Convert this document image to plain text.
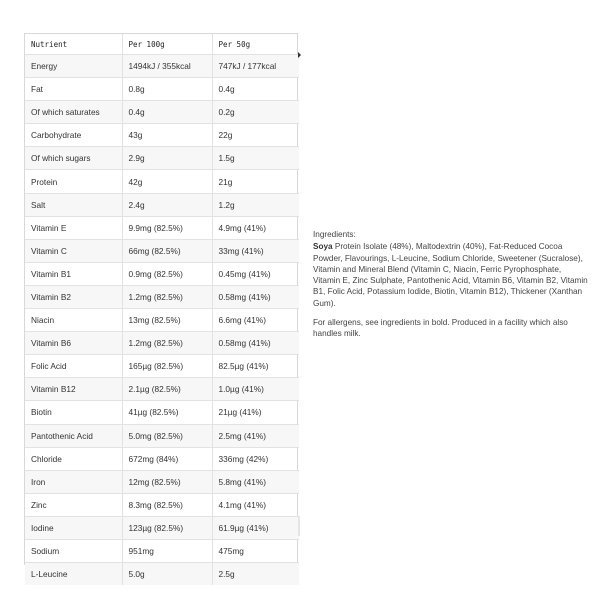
Nutrient	Per 100g	Per 50g
Energy	1494kJ / 355kcal	747kJ / 177kcal
Fat	0.8g	0.4g
Of which saturates	0.4g	0.2g
Carbohydrate	43g	22g
Of which sugars	2.9g	1.5g
Protein	42g	21g
Salt	2.4g	1.2g
Vitamin E	9.9mg (82.5%)	4.9mg (41%)
Vitamin C	66mg (82.5%)	33mg (41%)
Vitamin B1	0.9mg (82.5%)	0.45mg (41%)
Vitamin B2	1.2mg (82.5%)	0.58mg (41%)
Niacin	13mg (82.5%)	6.6mg (41%)
Vitamin B6	1.2mg (82.5%)	0.58mg (41%)
Folic Acid	165µg (82.5%)	82.5µg (41%)
Vitamin B12	2.1µg (82.5%)	1.0µg (41%)
Biotin	41µg (82.5%)	21µg (41%)
Pantothenic Acid	5.0mg (82.5%)	2.5mg (41%)
Chloride	672mg (84%)	336mg (42%)
Iron	12mg (82.5%)	5.8mg (41%)
Zinc	8.3mg (82.5%)	4.1mg (41%)
Iodine	123µg (82.5%)	61.9µg (41%)
Sodium	951mg	475mg
L-Leucine	5.0g	2.5g

Ingredients:

Soya Protein Isolate (48%), Maltodextrin (40%), Fat-Reduced Cocoa Powder, Flavourings, L-Leucine, Sodium Chloride, Sweetener (Sucralose), Vitamin and Mineral Blend (Vitamin C, Niacin, Ferric Pyrophosphate, Vitamin E, Zinc Sulphate, Pantothenic Acid, Vitamin B6, Vitamin B2, Vitamin B1, Folic Acid, Potassium Iodide, Biotin, Vitamin B12), Thickener (Xanthan Gum).

For allergens, see ingredients in bold. Produced in a facility which also handles milk.
